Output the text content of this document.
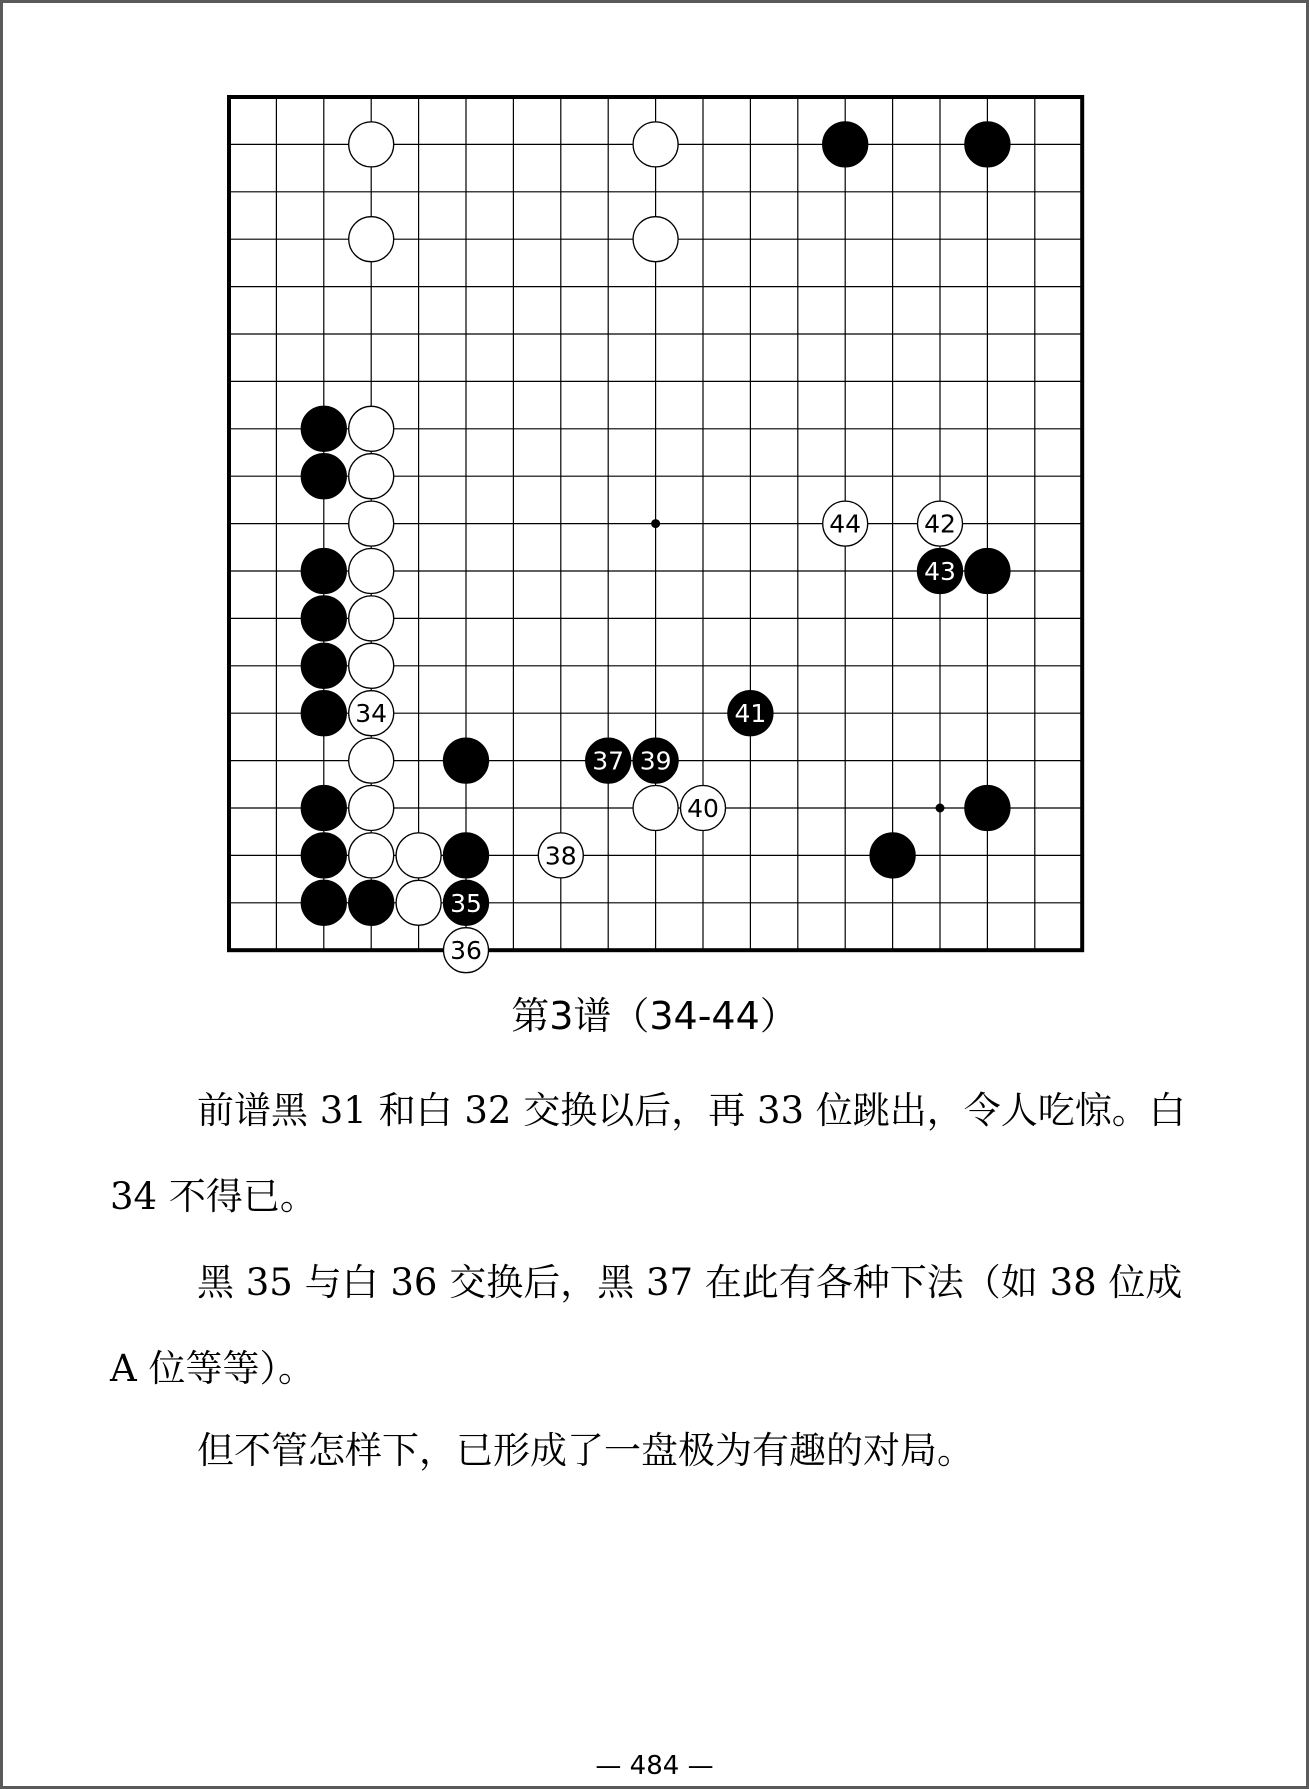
44	42
43
34	41
37 39
40
38
35
36
第3谱（34-44）

前谱黑 31 和白 32 交换以后，再 33 位跳出，令人吃惊。白 34 不得已。

黑 35 与白 36 交换后，黑 37 在此有各种下法（如 38 位成 A 位等等）。

但不管怎样下，已形成了一盘极为有趣的对局。

— 484 —
